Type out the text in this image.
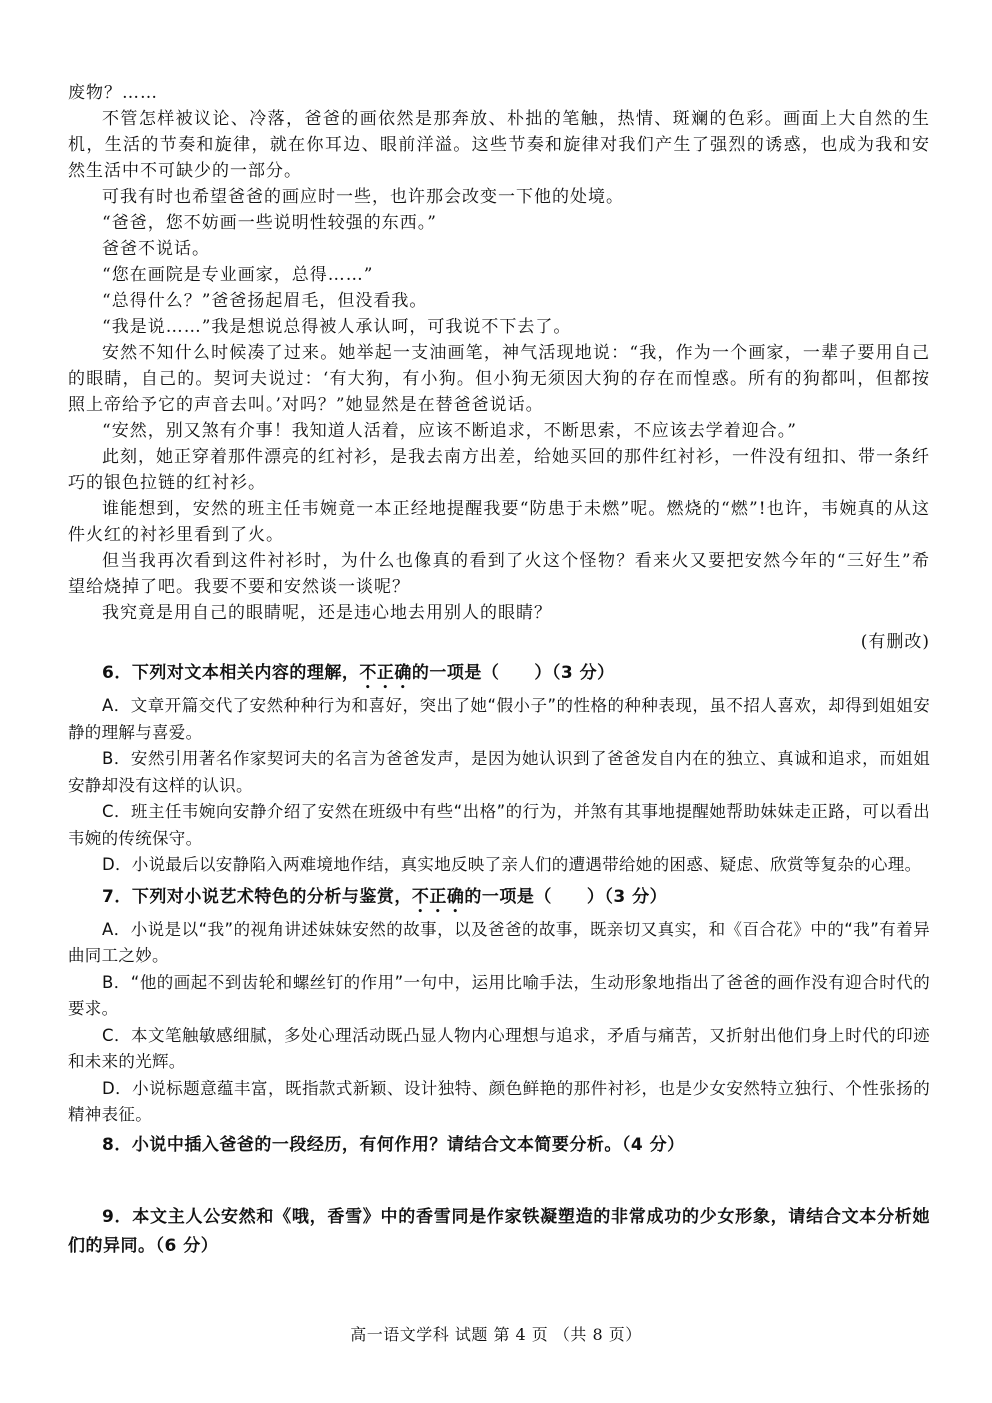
废物？……

不管怎样被议论、冷落，爸爸的画依然是那奔放、朴拙的笔触，热情、斑斓的色彩。画面上大自然的生机，生活的节奏和旋律，就在你耳边、眼前洋溢。这些节奏和旋律对我们产生了强烈的诱惑，也成为我和安然生活中不可缺少的一部分。

可我有时也希望爸爸的画应时一些，也许那会改变一下他的处境。

“爸爸，您不妨画一些说明性较强的东西。”

爸爸不说话。

“您在画院是专业画家，总得……”

“总得什么？”爸爸扬起眉毛，但没看我。

“我是说……”我是想说总得被人承认呵，可我说不下去了。

安然不知什么时候凑了过来。她举起一支油画笔，神气活现地说：“我，作为一个画家，一辈子要用自己的眼睛，自己的。契诃夫说过：‘有大狗，有小狗。但小狗无须因大狗的存在而惶惑。所有的狗都叫，但都按照上帝给予它的声音去叫。’对吗？”她显然是在替爸爸说话。

“安然，别又煞有介事！我知道人活着，应该不断追求，不断思索，不应该去学着迎合。”

此刻，她正穿着那件漂亮的红衬衫，是我去南方出差，给她买回的那件红衬衫，一件没有纽扣、带一条纤巧的银色拉链的红衬衫。

谁能想到，安然的班主任韦婉竟一本正经地提醒我要“防患于未燃”呢。燃烧的“燃”!也许，韦婉真的从这件火红的衬衫里看到了火。

但当我再次看到这件衬衫时，为什么也像真的看到了火这个怪物？看来火又要把安然今年的“三好生”希望给烧掉了吧。我要不要和安然谈一谈呢？

我究竟是用自己的眼睛呢，还是违心地去用别人的眼睛？

(有删改)

6．下列对文本相关内容的理解，不正确的一项是（　　）（3 分）

A．文章开篇交代了安然种种行为和喜好，突出了她“假小子”的性格的种种表现，虽不招人喜欢，却得到姐姐安静的理解与喜爱。

B．安然引用著名作家契诃夫的名言为爸爸发声，是因为她认识到了爸爸发自内在的独立、真诚和追求，而姐姐安静却没有这样的认识。

C．班主任韦婉向安静介绍了安然在班级中有些“出格”的行为，并煞有其事地提醒她帮助妹妹走正路，可以看出韦婉的传统保守。

D．小说最后以安静陷入两难境地作结，真实地反映了亲人们的遭遇带给她的困惑、疑虑、欣赏等复杂的心理。

7．下列对小说艺术特色的分析与鉴赏，不正确的一项是（　　）（3 分）

A．小说是以“我”的视角讲述妹妹安然的故事，以及爸爸的故事，既亲切又真实，和《百合花》中的“我”有着异曲同工之妙。

B．“他的画起不到齿轮和螺丝钉的作用”一句中，运用比喻手法，生动形象地指出了爸爸的画作没有迎合时代的要求。

C．本文笔触敏感细腻，多处心理活动既凸显人物内心理想与追求，矛盾与痛苦，又折射出他们身上时代的印迹和未来的光辉。

D．小说标题意蕴丰富，既指款式新颖、设计独特、颜色鲜艳的那件衬衫，也是少女安然特立独行、个性张扬的精神表征。

8．小说中插入爸爸的一段经历，有何作用？请结合文本简要分析。（4 分）

9．本文主人公安然和《哦，香雪》中的香雪同是作家铁凝塑造的非常成功的少女形象，请结合文本分析她们的异同。（6 分）

高一语文学科 试题 第 4 页 （共 8 页）
